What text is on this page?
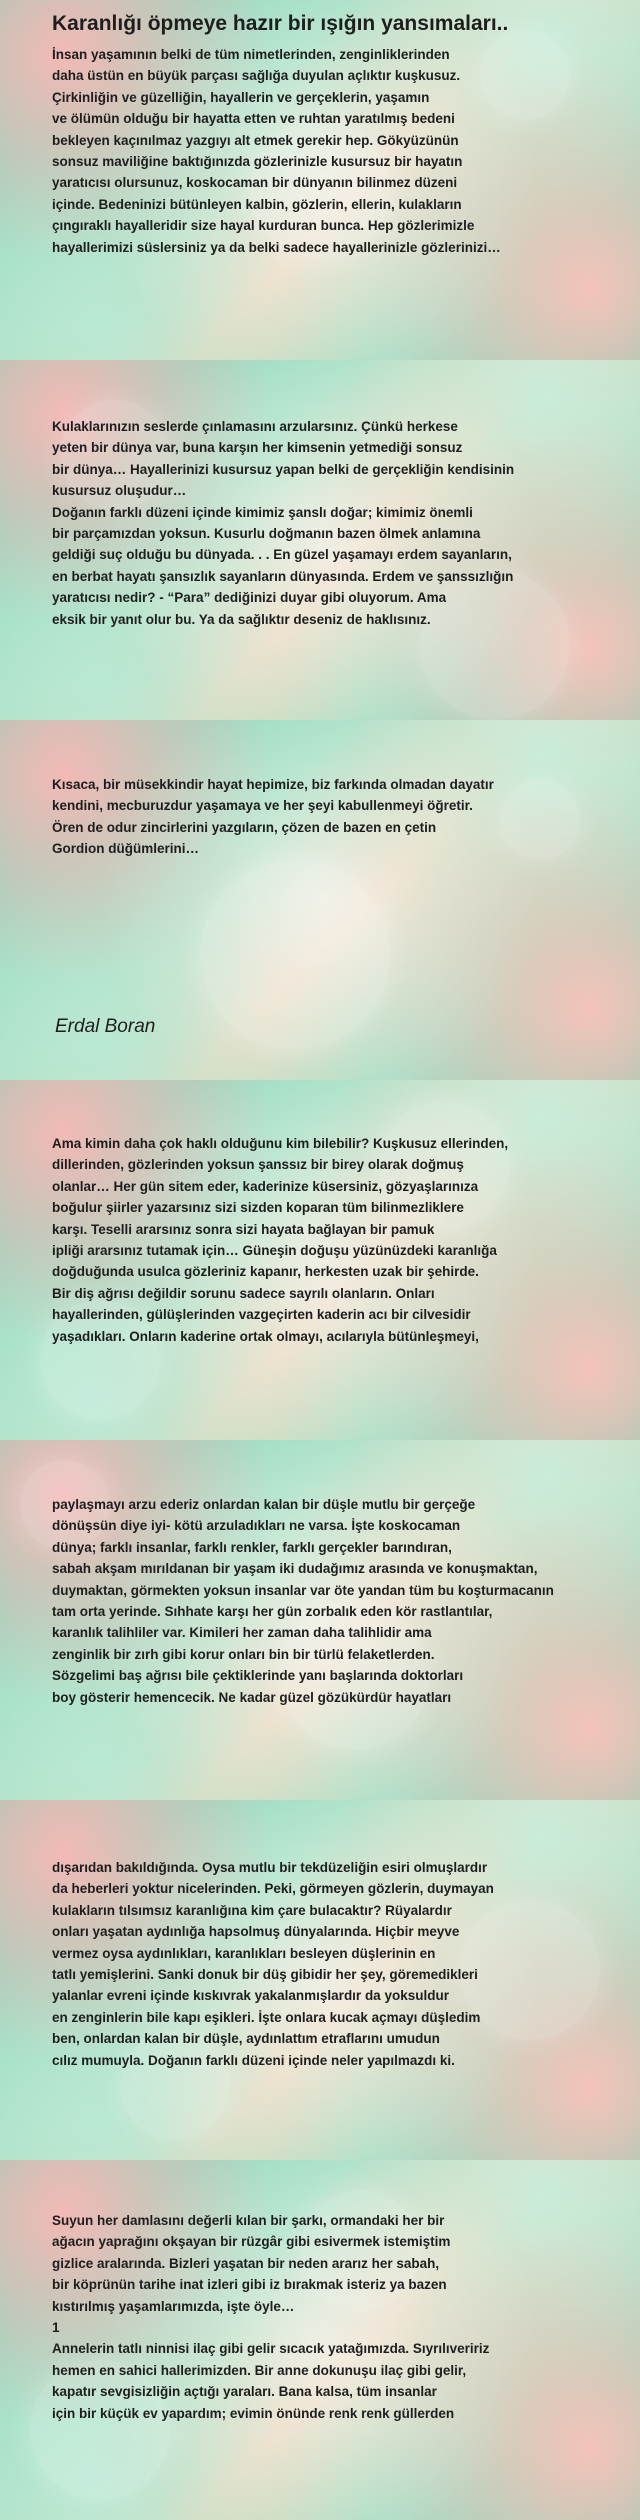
Karanlığı öpmeye hazır bir ışığın yansımaları..
İnsan yaşamının belki de tüm nimetlerinden, zenginliklerinden
daha üstün en büyük parçası sağlığa duyulan açlıktır kuşkusuz.
Çirkinliğin ve güzelliğin, hayallerin ve gerçeklerin, yaşamın
ve ölümün olduğu bir hayatta etten ve ruhtan yaratılmış bedeni
bekleyen kaçınılmaz yazgıyı alt etmek gerekir hep. Gökyüzünün
sonsuz maviliğine baktığınızda gözlerinizle kusursuz bir hayatın
yaratıcısı olursunuz, koskocaman bir dünyanın bilinmez düzeni
içinde. Bedeninizi bütünleyen kalbin, gözlerin, ellerin, kulakların
çıngıraklı hayalleridir size hayal kurduran bunca. Hep gözlerimizle
hayallerimizi süslersiniz ya da belki sadece hayallerinizle gözlerinizi…
Kulaklarınızın seslerde çınlamasını arzularsınız. Çünkü herkese
yeten bir dünya var, buna karşın her kimsenin yetmediği sonsuz
bir dünya… Hayallerinizi kusursuz yapan belki de gerçekliğin kendisinin
kusursuz oluşudur…
Doğanın farklı düzeni içinde kimimiz şanslı doğar; kimimiz önemli
bir parçamızdan yoksun. Kusurlu doğmanın bazen ölmek anlamına
geldiği suç olduğu bu dünyada. . . En güzel yaşamayı erdem sayanların,
en berbat hayatı şansızlık sayanların dünyasında. Erdem ve şanssızlığın
yaratıcısı nedir? - “Para” dediğinizi duyar gibi oluyorum. Ama
eksik bir yanıt olur bu. Ya da sağlıktır deseniz de haklısınız.
Kısaca, bir müsekkindir hayat hepimize, biz farkında olmadan dayatır
kendini, mecburuzdur yaşamaya ve her şeyi kabullenmeyi öğretir.
Ören de odur zincirlerini yazgıların, çözen de bazen en çetin
Gordion düğümlerini…
Erdal Boran
Ama kimin daha çok haklı olduğunu kim bilebilir? Kuşkusuz ellerinden,
dillerinden, gözlerinden yoksun şanssız bir birey olarak doğmuş
olanlar… Her gün sitem eder, kaderinize küsersiniz, gözyaşlarınıza
boğulur şiirler yazarsınız sizi sizden koparan tüm bilinmezliklere
karşı. Teselli ararsınız sonra sizi hayata bağlayan bir pamuk
ipliği ararsınız tutamak için… Güneşin doğuşu yüzünüzdeki karanlığa
doğduğunda usulca gözleriniz kapanır, herkesten uzak bir şehirde.
Bir diş ağrısı değildir sorunu sadece sayrılı olanların. Onları
hayallerinden, gülüşlerinden vazgeçirten kaderin acı bir cilvesidir
yaşadıkları. Onların kaderine ortak olmayı, acılarıyla bütünleşmeyi,
paylaşmayı arzu ederiz onlardan kalan bir düşle mutlu bir gerçeğe
dönüşsün diye iyi- kötü arzuladıkları ne varsa. İşte koskocaman
dünya; farklı insanlar, farklı renkler, farklı gerçekler barındıran,
sabah akşam mırıldanan bir yaşam iki dudağımız arasında ve konuşmaktan,
duymaktan, görmekten yoksun insanlar var öte yandan tüm bu koşturmacanın
tam orta yerinde. Sıhhate karşı her gün zorbalık eden kör rastlantılar,
karanlık talihliler var. Kimileri her zaman daha talihlidir ama
zenginlik bir zırh gibi korur onları bin bir türlü felaketlerden.
Sözgelimi baş ağrısı bile çektiklerinde yanı başlarında doktorları
boy gösterir hemencecik. Ne kadar güzel gözükürdür hayatları
dışarıdan bakıldığında. Oysa mutlu bir tekdüzeliğin esiri olmuşlardır
da heberleri yoktur nicelerinden. Peki, görmeyen gözlerin, duymayan
kulakların tılsımsız karanlığına kim çare bulacaktır? Rüyalardır
onları yaşatan aydınlığa hapsolmuş dünyalarında. Hiçbir meyve
vermez oysa aydınlıkları, karanlıkları besleyen düşlerinin en
tatlı yemişlerini. Sanki donuk bir düş gibidir her şey, göremedikleri
yalanlar evreni içinde kıskıvrak yakalanmışlardır da yoksuldur
en zenginlerin bile kapı eşikleri. İşte onlara kucak açmayı düşledim
ben, onlardan kalan bir düşle, aydınlattım etraflarını umudun
cılız mumuyla. Doğanın farklı düzeni içinde neler yapılmazdı ki.
Suyun her damlasını değerli kılan bir şarkı, ormandaki her bir
ağacın yaprağını okşayan bir rüzgâr gibi esivermek istemiştim
gizlice aralarında. Bizleri yaşatan bir neden ararız her sabah,
bir köprünün tarihe inat izleri gibi iz bırakmak isteriz ya bazen
kıstırılmış yaşamlarımızda, işte öyle…
1
Annelerin tatlı ninnisi ilaç gibi gelir sıcacık yatağımızda. Sıyrılıveririz
hemen en sahici hallerimizden. Bir anne dokunuşu ilaç gibi gelir,
kapatır sevgisizliğin açtığı yaraları. Bana kalsa, tüm insanlar
için bir küçük ev yapardım; evimin önünde renk renk güllerden
